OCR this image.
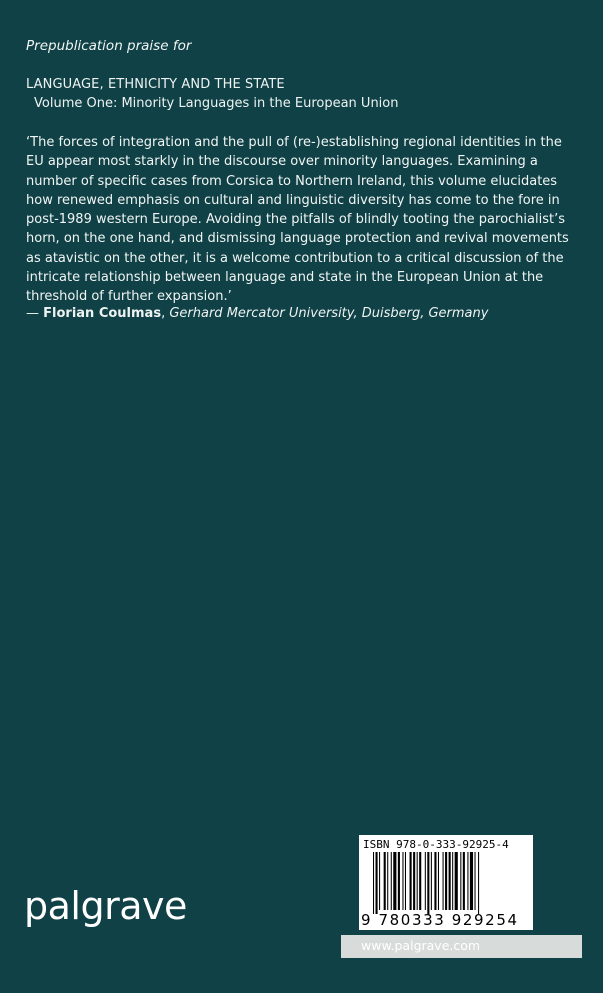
Prepublication praise for
LANGUAGE, ETHNICITY AND THE STATE
Volume One: Minority Languages in the European Union
‘The forces of integration and the pull of (re-)establishing regional identities in the
EU appear most starkly in the discourse over minority languages. Examining a
number of specific cases from Corsica to Northern Ireland, this volume elucidates
how renewed emphasis on cultural and linguistic diversity has come to the fore in
post-1989 western Europe. Avoiding the pitfalls of blindly tooting the parochialist’s
horn, on the one hand, and dismissing language protection and revival movements
as atavistic on the other, it is a welcome contribution to a critical discussion of the
intricate relationship between language and state in the European Union at the
threshold of further expansion.’
— Florian Coulmas, Gerhard Mercator University, Duisberg, Germany
palgrave
ISBN 978-0-333-92925-4
9 780333 929254
www.palgrave.com
